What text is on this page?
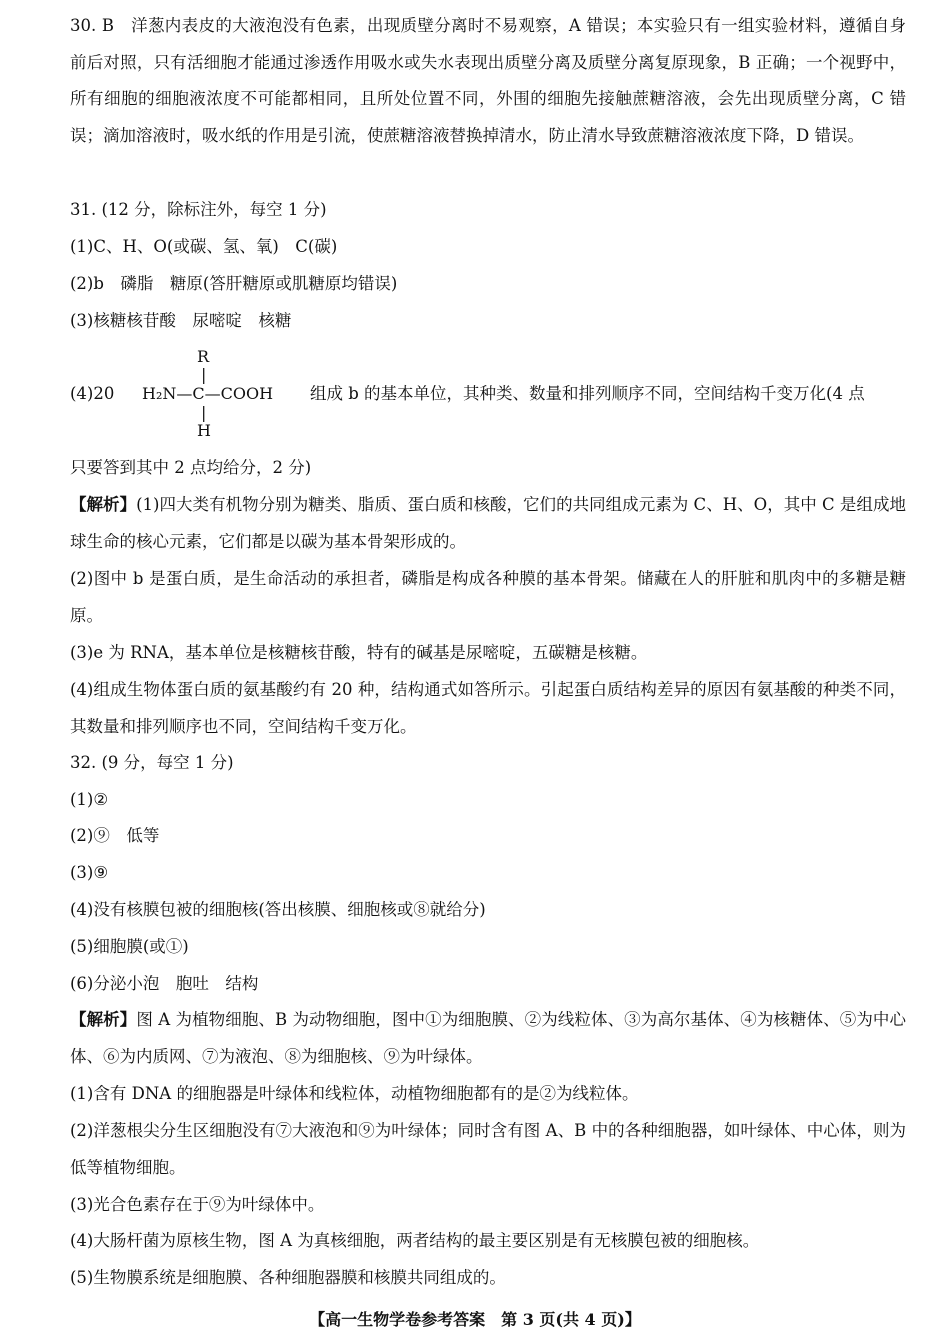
30. B　洋葱内表皮的大液泡没有色素，出现质壁分离时不易观察，A 错误；本实验只有一组实验材料，遵循自身前后对照，只有活细胞才能通过渗透作用吸水或失水表现出质壁分离及质壁分离复原现象，B 正确；一个视野中，所有细胞的细胞液浓度不可能都相同，且所处位置不同，外围的细胞先接触蔗糖溶液，会先出现质壁分离，C 错误；滴加溶液时，吸水纸的作用是引流，使蔗糖溶液替换掉清水，防止清水导致蔗糖溶液浓度下降，D 错误。

31. (12 分，除标注外，每空 1 分)

(1)C、H、O(或碳、氢、氧)　C(碳)

(2)b　磷脂　糖原(答肝糖原或肌糖原均错误)

(3)核糖核苷酸　尿嘧啶　核糖

(4)20

R
|
H₂N—C—COOH
|
H
组成 b 的基本单位，其种类、数量和排列顺序不同，空间结构千变万化(4 点

只要答到其中 2 点均给分，2 分)

【解析】(1)四大类有机物分别为糖类、脂质、蛋白质和核酸，它们的共同组成元素为 C、H、O，其中 C 是组成地球生命的核心元素，它们都是以碳为基本骨架形成的。

(2)图中 b 是蛋白质，是生命活动的承担者，磷脂是构成各种膜的基本骨架。储藏在人的肝脏和肌肉中的多糖是糖原。

(3)e 为 RNA，基本单位是核糖核苷酸，特有的碱基是尿嘧啶，五碳糖是核糖。

(4)组成生物体蛋白质的氨基酸约有 20 种，结构通式如答所示。引起蛋白质结构差异的原因有氨基酸的种类不同，其数量和排列顺序也不同，空间结构千变万化。

32. (9 分，每空 1 分)

(1)②

(2)⑨　低等

(3)⑨

(4)没有核膜包被的细胞核(答出核膜、细胞核或⑧就给分)

(5)细胞膜(或①)

(6)分泌小泡　胞吐　结构

【解析】图 A 为植物细胞、B 为动物细胞，图中①为细胞膜、②为线粒体、③为高尔基体、④为核糖体、⑤为中心体、⑥为内质网、⑦为液泡、⑧为细胞核、⑨为叶绿体。

(1)含有 DNA 的细胞器是叶绿体和线粒体，动植物细胞都有的是②为线粒体。

(2)洋葱根尖分生区细胞没有⑦大液泡和⑨为叶绿体；同时含有图 A、B 中的各种细胞器，如叶绿体、中心体，则为低等植物细胞。

(3)光合色素存在于⑨为叶绿体中。

(4)大肠杆菌为原核生物，图 A 为真核细胞，两者结构的最主要区别是有无核膜包被的细胞核。

(5)生物膜系统是细胞膜、各种细胞器膜和核膜共同组成的。

【高一生物学卷参考答案　第 3 页(共 4 页)】
